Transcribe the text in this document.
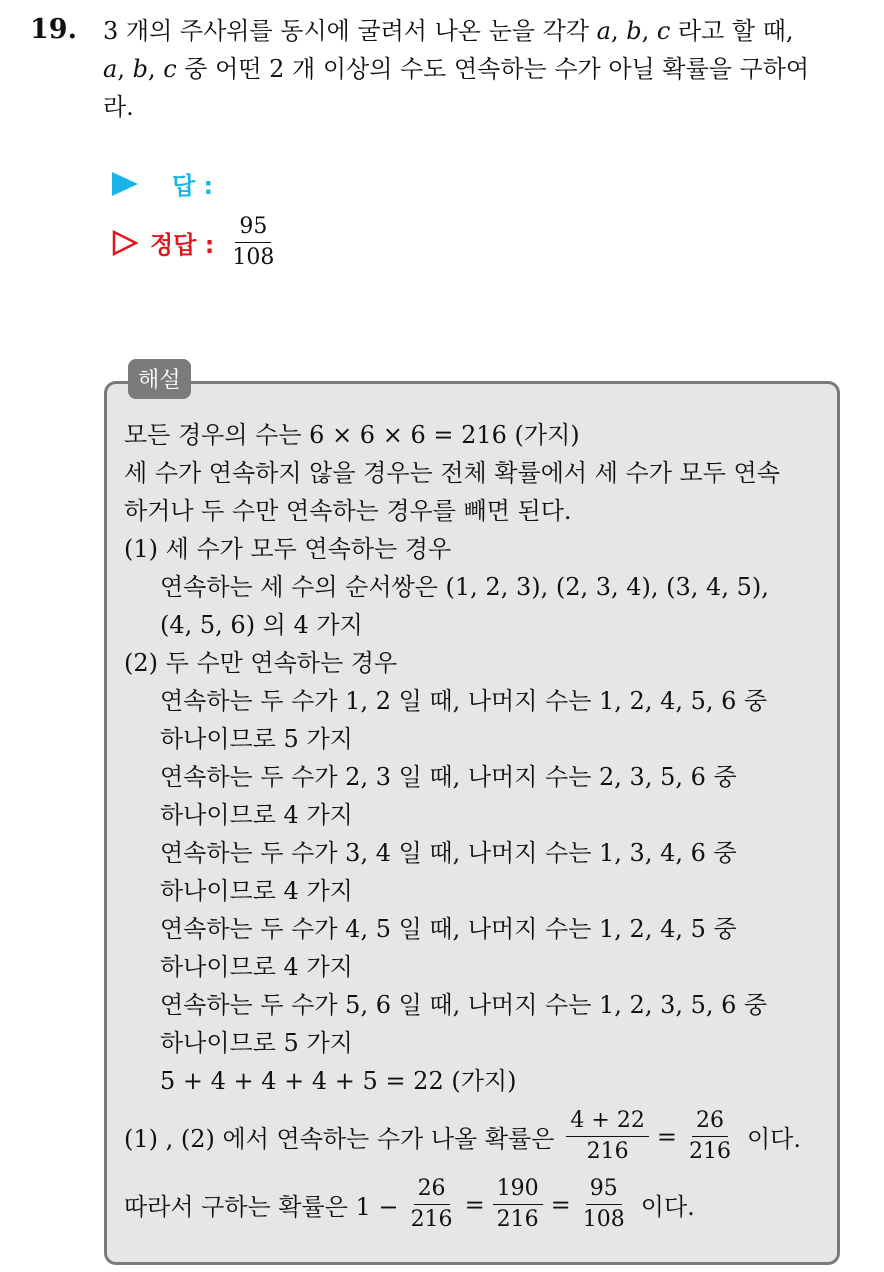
19. 3 개의 주사위를 동시에 굴려서 나온 눈을 각각 a, b, c 라고 할 때,
a, b, c 중 어떤 2 개 이상의 수도 연속하는 수가 아닐 확률을 구하여
라.
답 :
정답 : $\frac{95}{108}$
해설
모든 경우의 수는 6 × 6 × 6 = 216 (가지)
세 수가 연속하지 않을 경우는 전체 확률에서 세 수가 모두 연속
하거나 두 수만 연속하는 경우를 빼면 된다.
(1) 세 수가 모두 연속하는 경우
연속하는 세 수의 순서쌍은 (1, 2, 3), (2, 3, 4), (3, 4, 5),
(4, 5, 6) 의 4 가지
(2) 두 수만 연속하는 경우
연속하는 두 수가 1, 2 일 때, 나머지 수는 1, 2, 4, 5, 6 중
하나이므로 5 가지
연속하는 두 수가 2, 3 일 때, 나머지 수는 2, 3, 5, 6 중
하나이므로 4 가지
연속하는 두 수가 3, 4 일 때, 나머지 수는 1, 3, 4, 6 중
하나이므로 4 가지
연속하는 두 수가 4, 5 일 때, 나머지 수는 1, 2, 4, 5 중
하나이므로 4 가지
연속하는 두 수가 5, 6 일 때, 나머지 수는 1, 2, 3, 5, 6 중
하나이므로 5 가지
5 + 4 + 4 + 4 + 5 = 22 (가지)
(1) , (2) 에서 연속하는 수가 나올 확률은 $\frac{4 + 22}{216} = \frac{26}{216}$ 이다.
따라서 구하는 확률은 $1 - \frac{26}{216} = \frac{190}{216} = \frac{95}{108}$ 이다.
